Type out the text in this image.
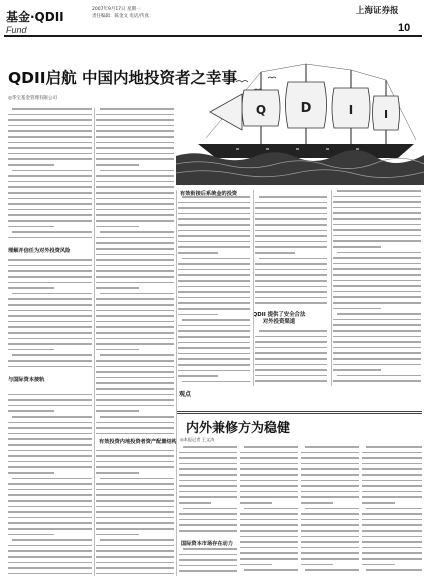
基金·QDII
Fund
2007年9月17日 星期一
责任编辑：陈金文 电话/传真：
上海证券报
10
QDII启航 中国内地投资者之幸事
◎华宝基金管理有限公司
Q	D	I	I
理解并信任为对外投资风险
与国际资本接轨
有效投资内地投资者资产配置结构
有效衔接后系统金的投资
QDII 提供了安全合法对外投资渠道
观点
内外兼修方为稳健
◎本报记者 王文涛
国际资本市场存在动力
